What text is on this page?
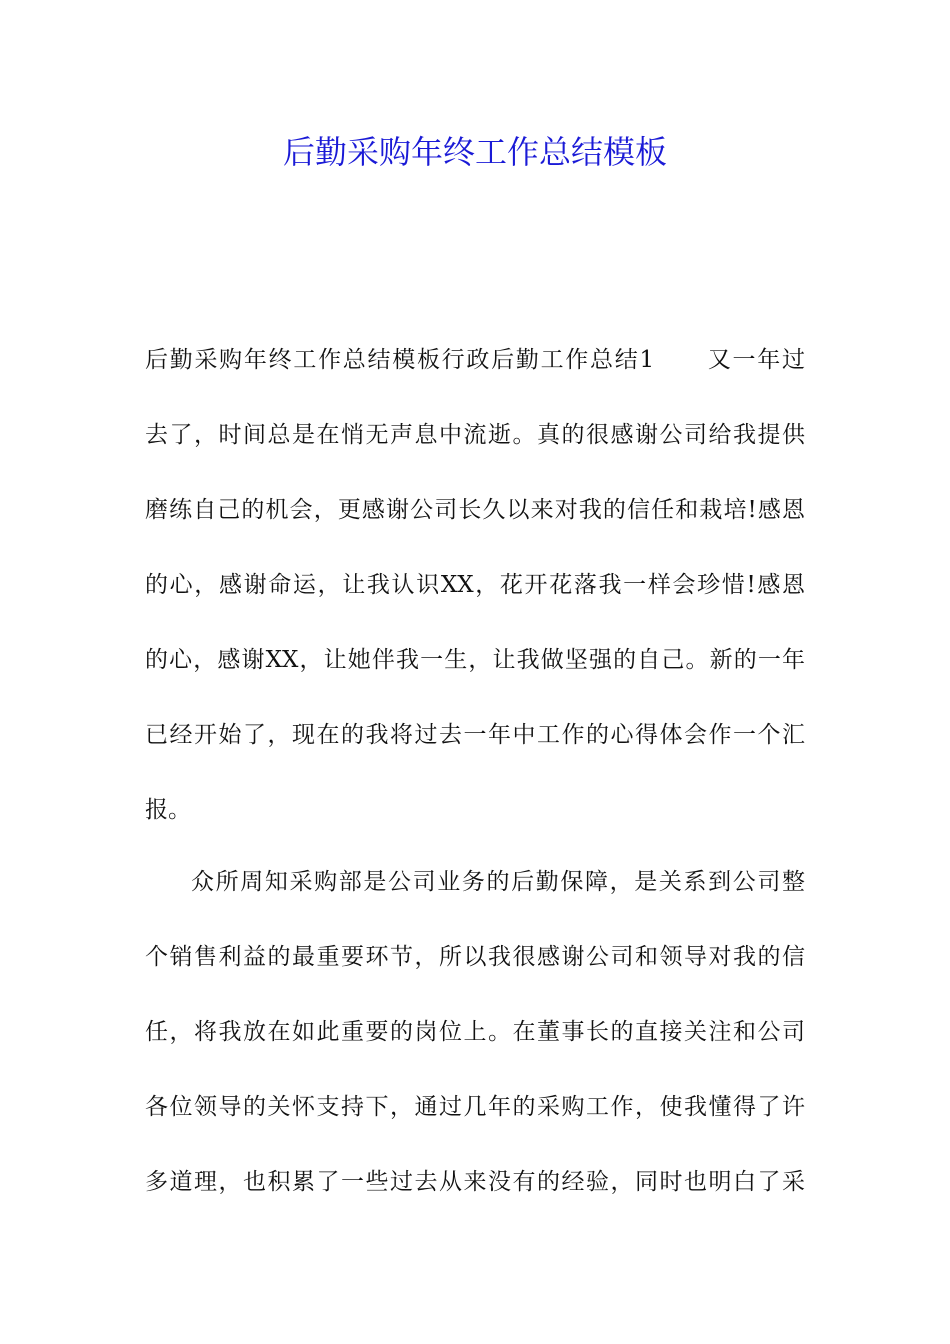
后勤采购年终工作总结模板
后勤采购年终工作总结模板行政后勤工作总结1 又一年过
去了，时间总是在悄无声息中流逝。真的很感谢公司给我提供
磨练自己的机会，更感谢公司长久以来对我的信任和栽培!感恩
的心，感谢命运，让我认识XX，花开花落我一样会珍惜!感恩
的心，感谢XX，让她伴我一生，让我做坚强的自己。新的一年
已经开始了，现在的我将过去一年中工作的心得体会作一个汇
报。
众所周知采购部是公司业务的后勤保障，是关系到公司整
个销售利益的最重要环节，所以我很感谢公司和领导对我的信
任，将我放在如此重要的岗位上。在董事长的直接关注和公司
各位领导的关怀支持下，通过几年的采购工作，使我懂得了许
多道理，也积累了一些过去从来没有的经验，同时也明白了采
